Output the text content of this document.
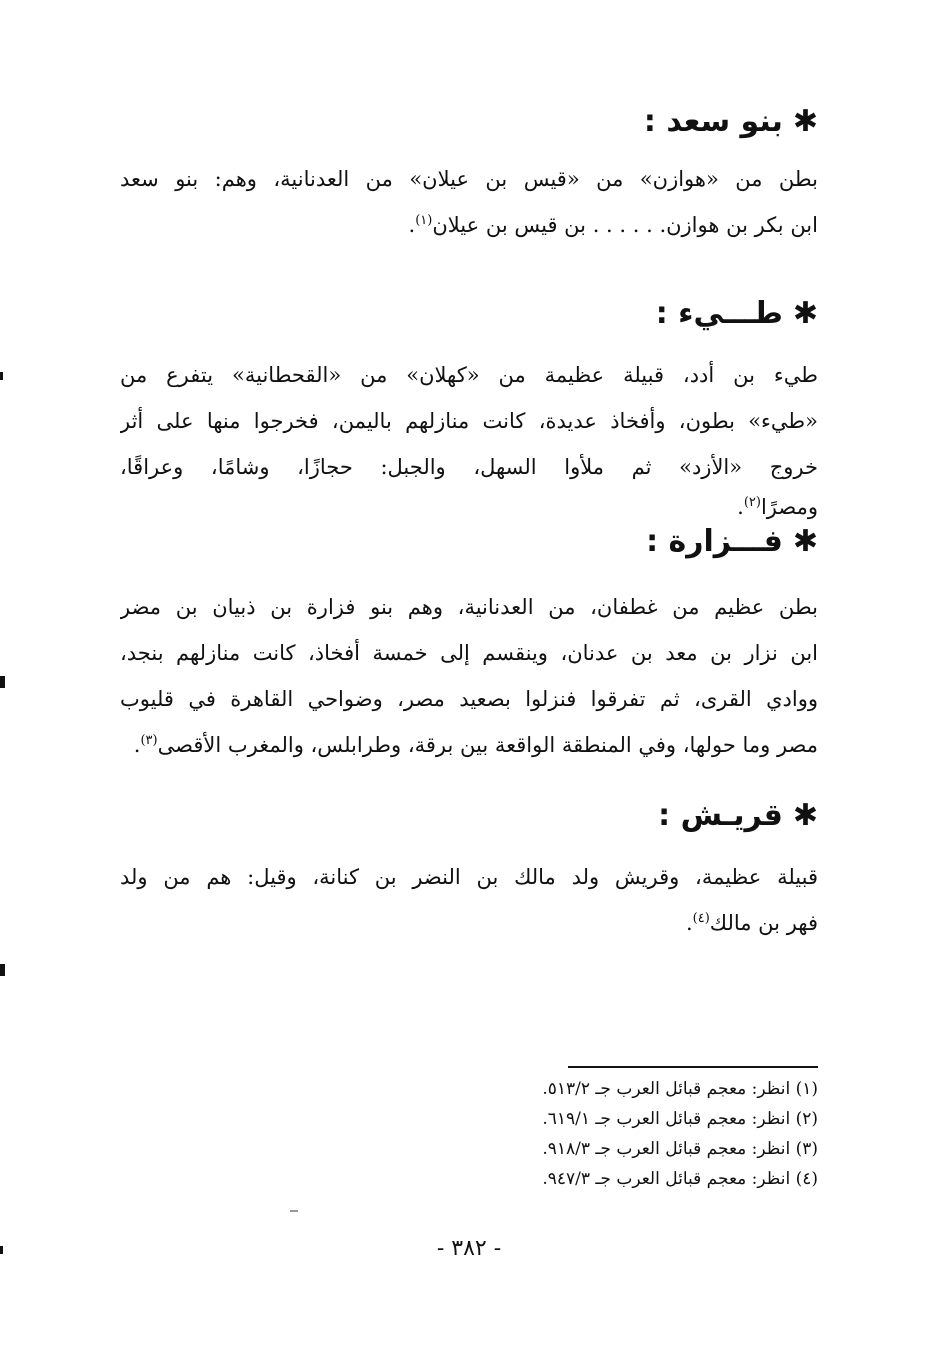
✱بنو سعد :
بطن من «هوازن» من «قيس بن عيلان» من العدنانية، وهم: بنو سعد
ابن بكر بن هوازن. . . . . . بن قيس بن عيلان$^{(١)}$.
✱طـــيء :
طيء بن أدد، قبيلة عظيمة من «كهلان» من «القحطانية» يتفرع من
«طيء» بطون، وأفخاذ عديدة، كانت منازلهم باليمن، فخرجوا منها على أثر
خروج «الأزد» ثم ملأوا السهل، والجبل: حجازًا، وشامًا، وعراقًا،
ومصرًا$^{(٢)}$.
✱فـــزارة :
بطن عظيم من غطفان، من العدنانية، وهم بنو فزارة بن ذبيان بن مضر
ابن نزار بن معد بن عدنان، وينقسم إلى خمسة أفخاذ، كانت منازلهم بنجد،
ووادي القرى، ثم تفرقوا فنزلوا بصعيد مصر، وضواحي القاهرة في قليوب
مصر وما حولها، وفي المنطقة الواقعة بين برقة، وطرابلس، والمغرب الأقصى$^{(٣)}$.
✱قريـش :
قبيلة عظيمة، وقريش ولد مالك بن النضر بن كنانة، وقيل: هم من ولد
فهر بن مالك$^{(٤)}$.
(١) انظر: معجم قبائل العرب جـ ٥١٣/٢.
(٢) انظر: معجم قبائل العرب جـ ٦١٩/١.
(٣) انظر: معجم قبائل العرب جـ ٩١٨/٣.
(٤) انظر: معجم قبائل العرب جـ ٩٤٧/٣.
- ٣٨٢ -
